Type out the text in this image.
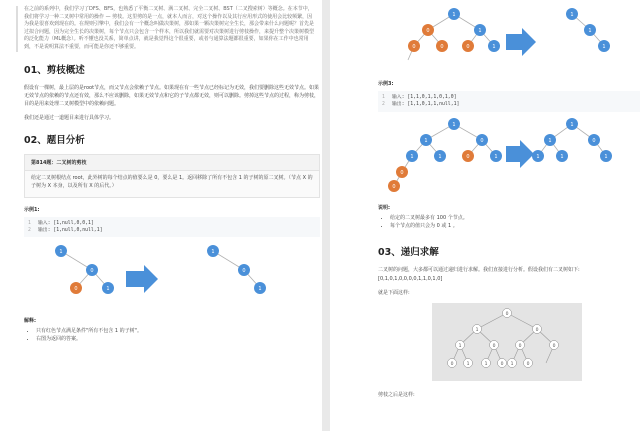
在之前的系列中，我们学习了DFS、BFS，也熟悉了平衡二叉树、满二叉树、完全二叉树、BST（二叉搜索树）等概念。在本节中，我们将学习一种二叉树中常用的操作 — 剪枝。这里剪的是一点，就本人而言，对这个操作以及其行应用形式的使用会比较频繁，因为我是很喜欢到现在的。在规则引擎中，我们会有一个概念叫做决策树，那如果一颗决策树完全生长，那会带来什么问题呢？首先是过拟合问题，因为完全生长的决策树，每个节点只会包含一个样本，所以我们就需要对决策树进行剪枝操作，来提升整个决策树模型的泛化能力（ML概念）。听不懂也没关系，简单点讲，就是我觉得这个很重要，或者与通算法题都很重要，如果你在工作中也常用到，不是说明算法不重要，而可能是你还不够重要。
01、剪枝概述
假设有一棵树，最上层的是root节点，而父节点会依赖子节点。如果现在有一些节点已经标记为无效，我们要删除这些无效节点。如果无效节点的依赖的节点还有效，那么不应该删除，如果无效节点和它的子节点都无效，则可以删除。剪掉这些节点的过程，称为剪枝，目的是用来处理二叉树模型中的依赖问题。
我们还是通过一道题目来进行具体学习。
02、题目分析
第814题：二叉树的剪枝
给定二叉树根结点 root，此外树的每个结点的值要么是 0，要么是 1。返回移除了所有不包含 1 的子树的原二叉树。（节点 X 的子树为 X 本身，以及所有 X 的后代。）
示例1:
1 输入: [1,null,0,0,1]
2 输出: [1,null,0,null,1]
1
0
0	1
1
0
1
解释:
• 只有红色节点满足条件"所有不包含 1 的子树"。
• 右图为返回的答案。
1
0	1
0	0	0	1
1
1
1
示例3:
1 输入: [1,1,0,1,1,0,1,0]
2 输出: [1,1,0,1,1,null,1]
1
1	0
1	1	0	1
0
0
1
1	0
1	1	1
说明:
• 给定的二叉树最多有 100 个节点。
• 每个节点的值只会为 0 或 1 。
03、递归求解
二叉树的问题，大多都可以通过递归进行求解。我们直接进行分析。假设我们有二叉树如下: [0,1,0,1,0,0,0,0,1,1,0,1,0]
就是下面这样:
0
1	0
1	0	0	0
0	1	1	0 1	0
剪枝之后是这样:
